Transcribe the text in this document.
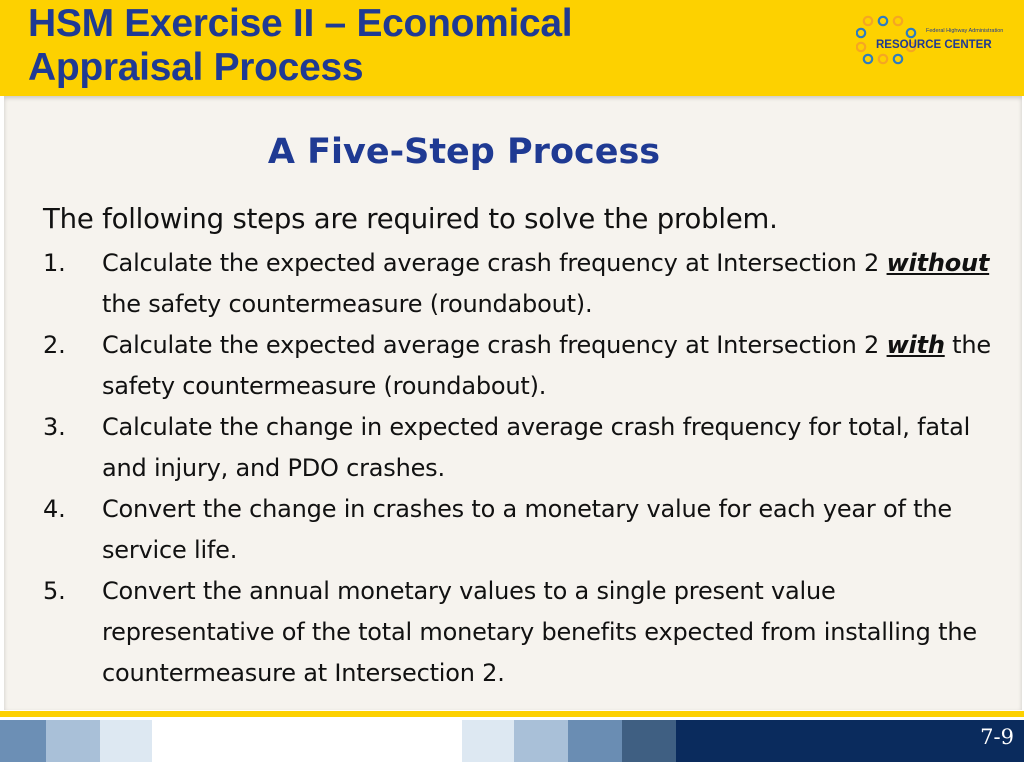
HSM Exercise II – Economical
Appraisal Process

Federal Highway Administration

RESOURCE CENTER

A Five-Step Process

The following steps are required to solve the problem.

1. Calculate the expected average crash frequency at Intersection 2 without the safety countermeasure (roundabout).
2. Calculate the expected average crash frequency at Intersection 2 with the safety countermeasure (roundabout).
3. Calculate the change in expected average crash frequency for total, fatal and injury, and PDO crashes.
4. Convert the change in crashes to a monetary value for each year of the service life.
5. Convert the annual monetary values to a single present value representative of the total monetary benefits expected from installing the countermeasure at Intersection 2.

7-9
